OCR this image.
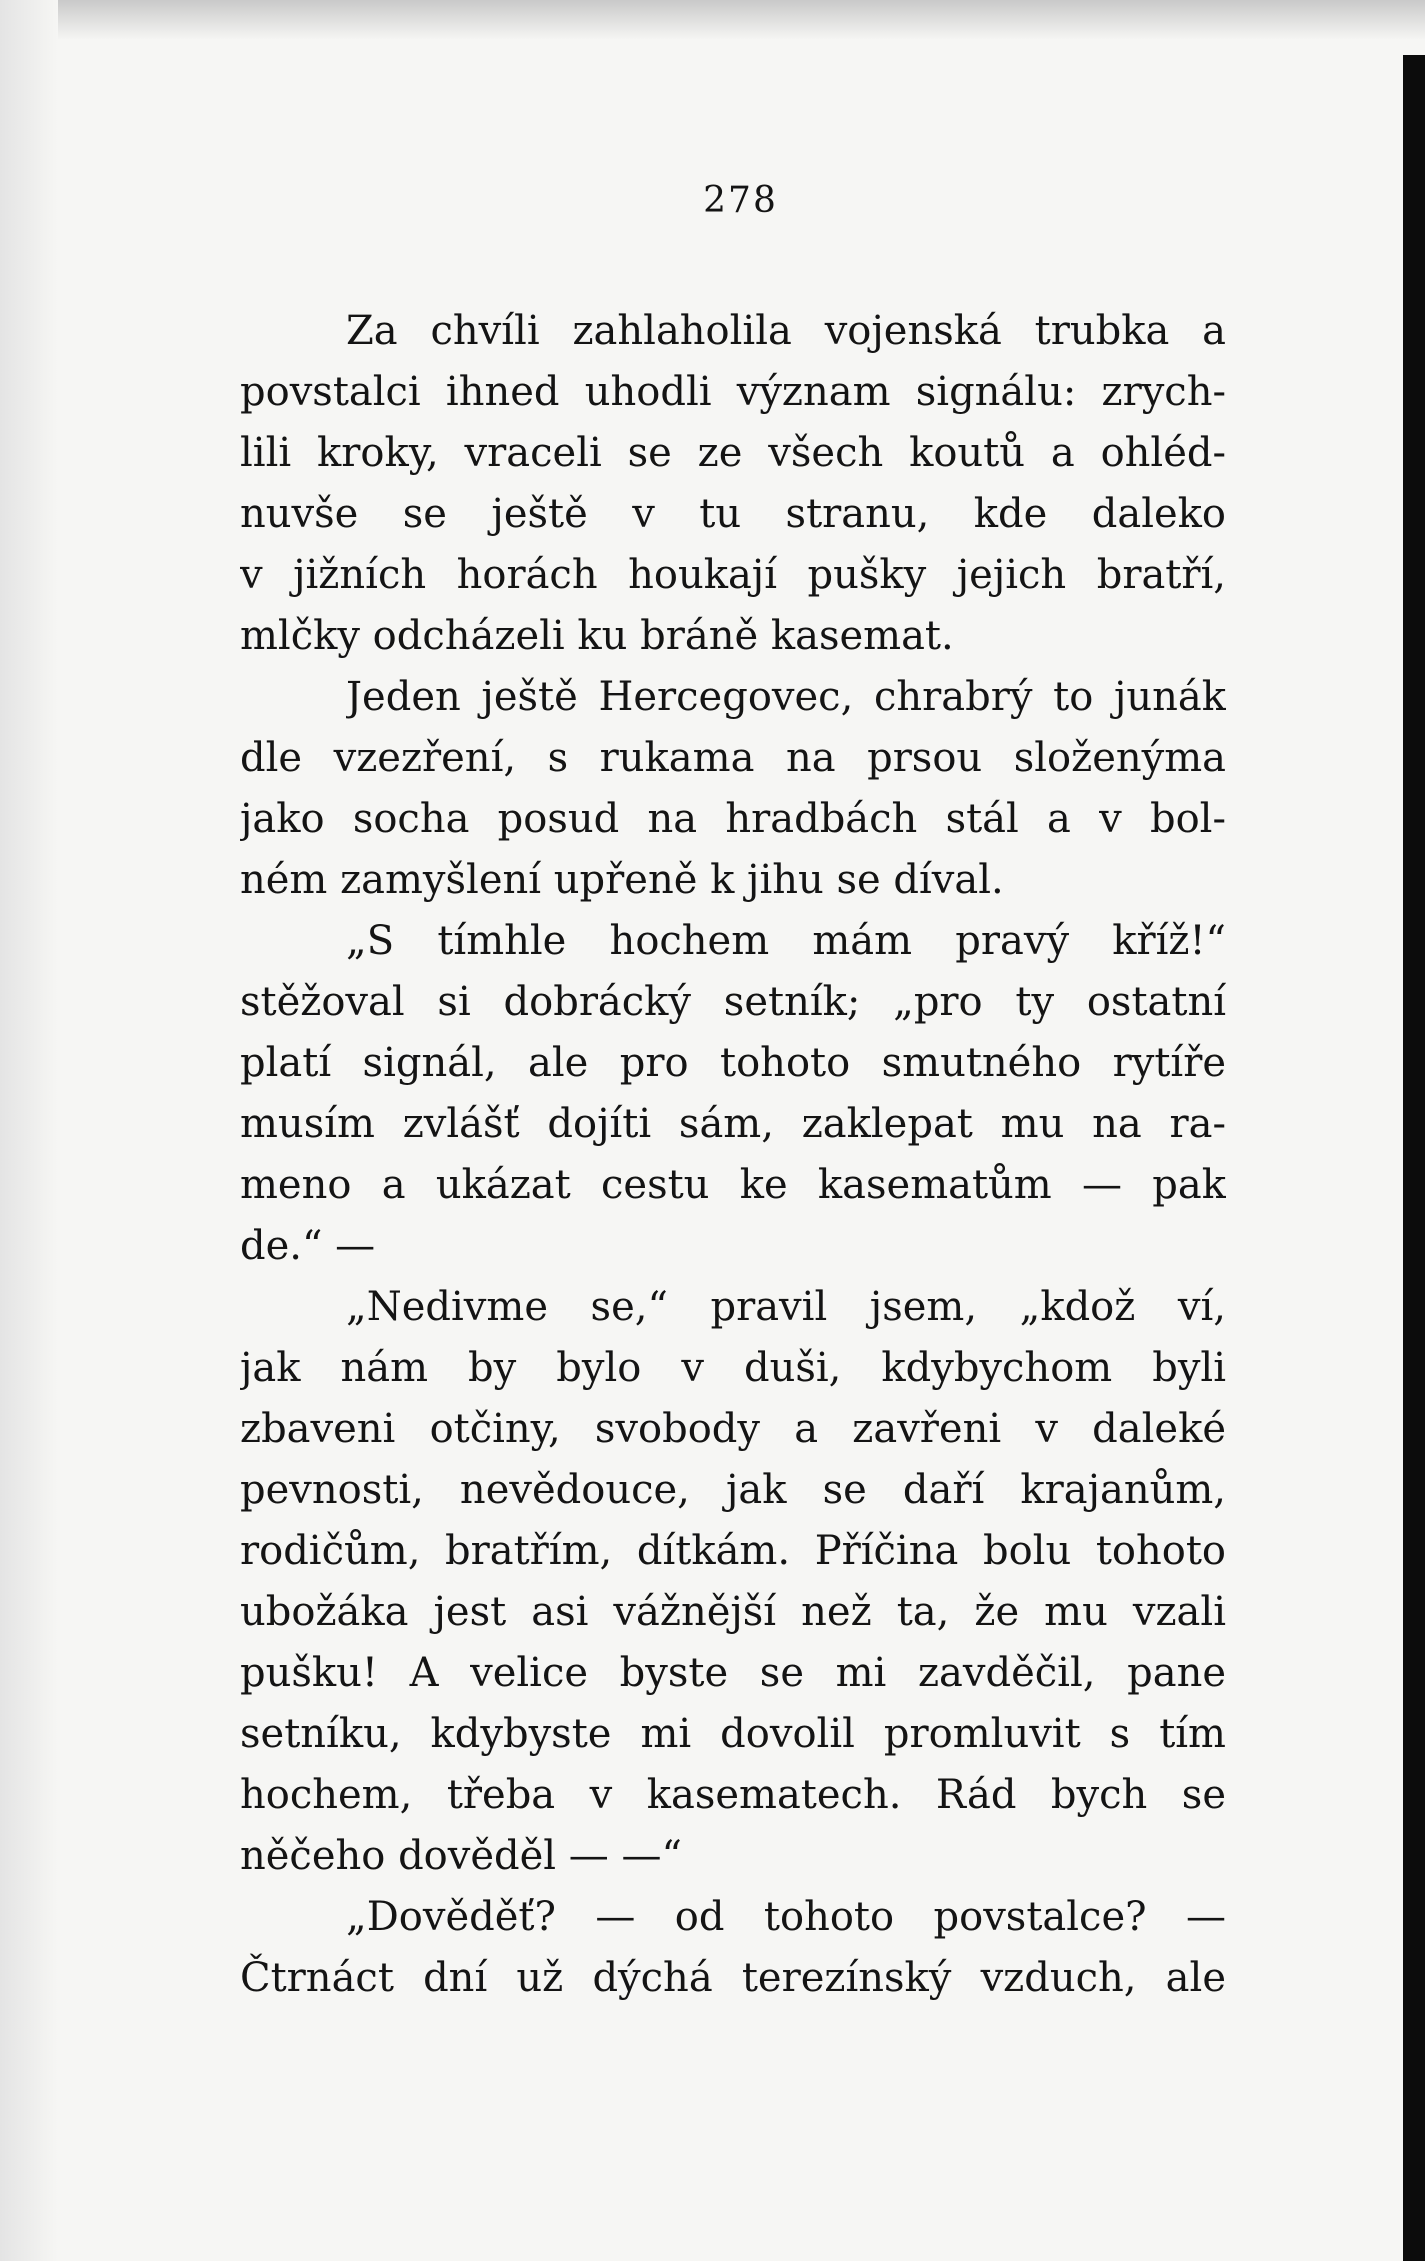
278
Za chvíli zahlaholila vojenská trubka a
povstalci ihned uhodli význam signálu: zrych-
lili kroky, vraceli se ze všech koutů a ohléd-
nuvše se ještě v tu stranu, kde daleko
v jižních horách houkají pušky jejich bratří,
mlčky odcházeli ku bráně kasemat.
Jeden ještě Hercegovec, chrabrý to junák
dle vzezření, s rukama na prsou složenýma
jako socha posud na hradbách stál a v bol-
ném zamyšlení upřeně k jihu se díval.
„S tímhle hochem mám pravý kříž!“
stěžoval si dobrácký setník; „pro ty ostatní
platí signál, ale pro tohoto smutného rytíře
musím zvlášť dojíti sám, zaklepat mu na ra-
meno a ukázat cestu ke kasematům — pak
de.“ —
„Nedivme se,“ pravil jsem, „kdož ví,
jak nám by bylo v duši, kdybychom byli
zbaveni otčiny, svobody a zavřeni v daleké
pevnosti, nevědouce, jak se daří krajanům,
rodičům, bratřím, dítkám. Příčina bolu tohoto
ubožáka jest asi vážnější než ta, že mu vzali
pušku! A velice byste se mi zavděčil, pane
setníku, kdybyste mi dovolil promluvit s tím
hochem, třeba v kasematech. Rád bych se
něčeho dověděl — —“
„Dověděť? — od tohoto povstalce? —
Čtrnáct dní už dýchá terezínský vzduch, ale
